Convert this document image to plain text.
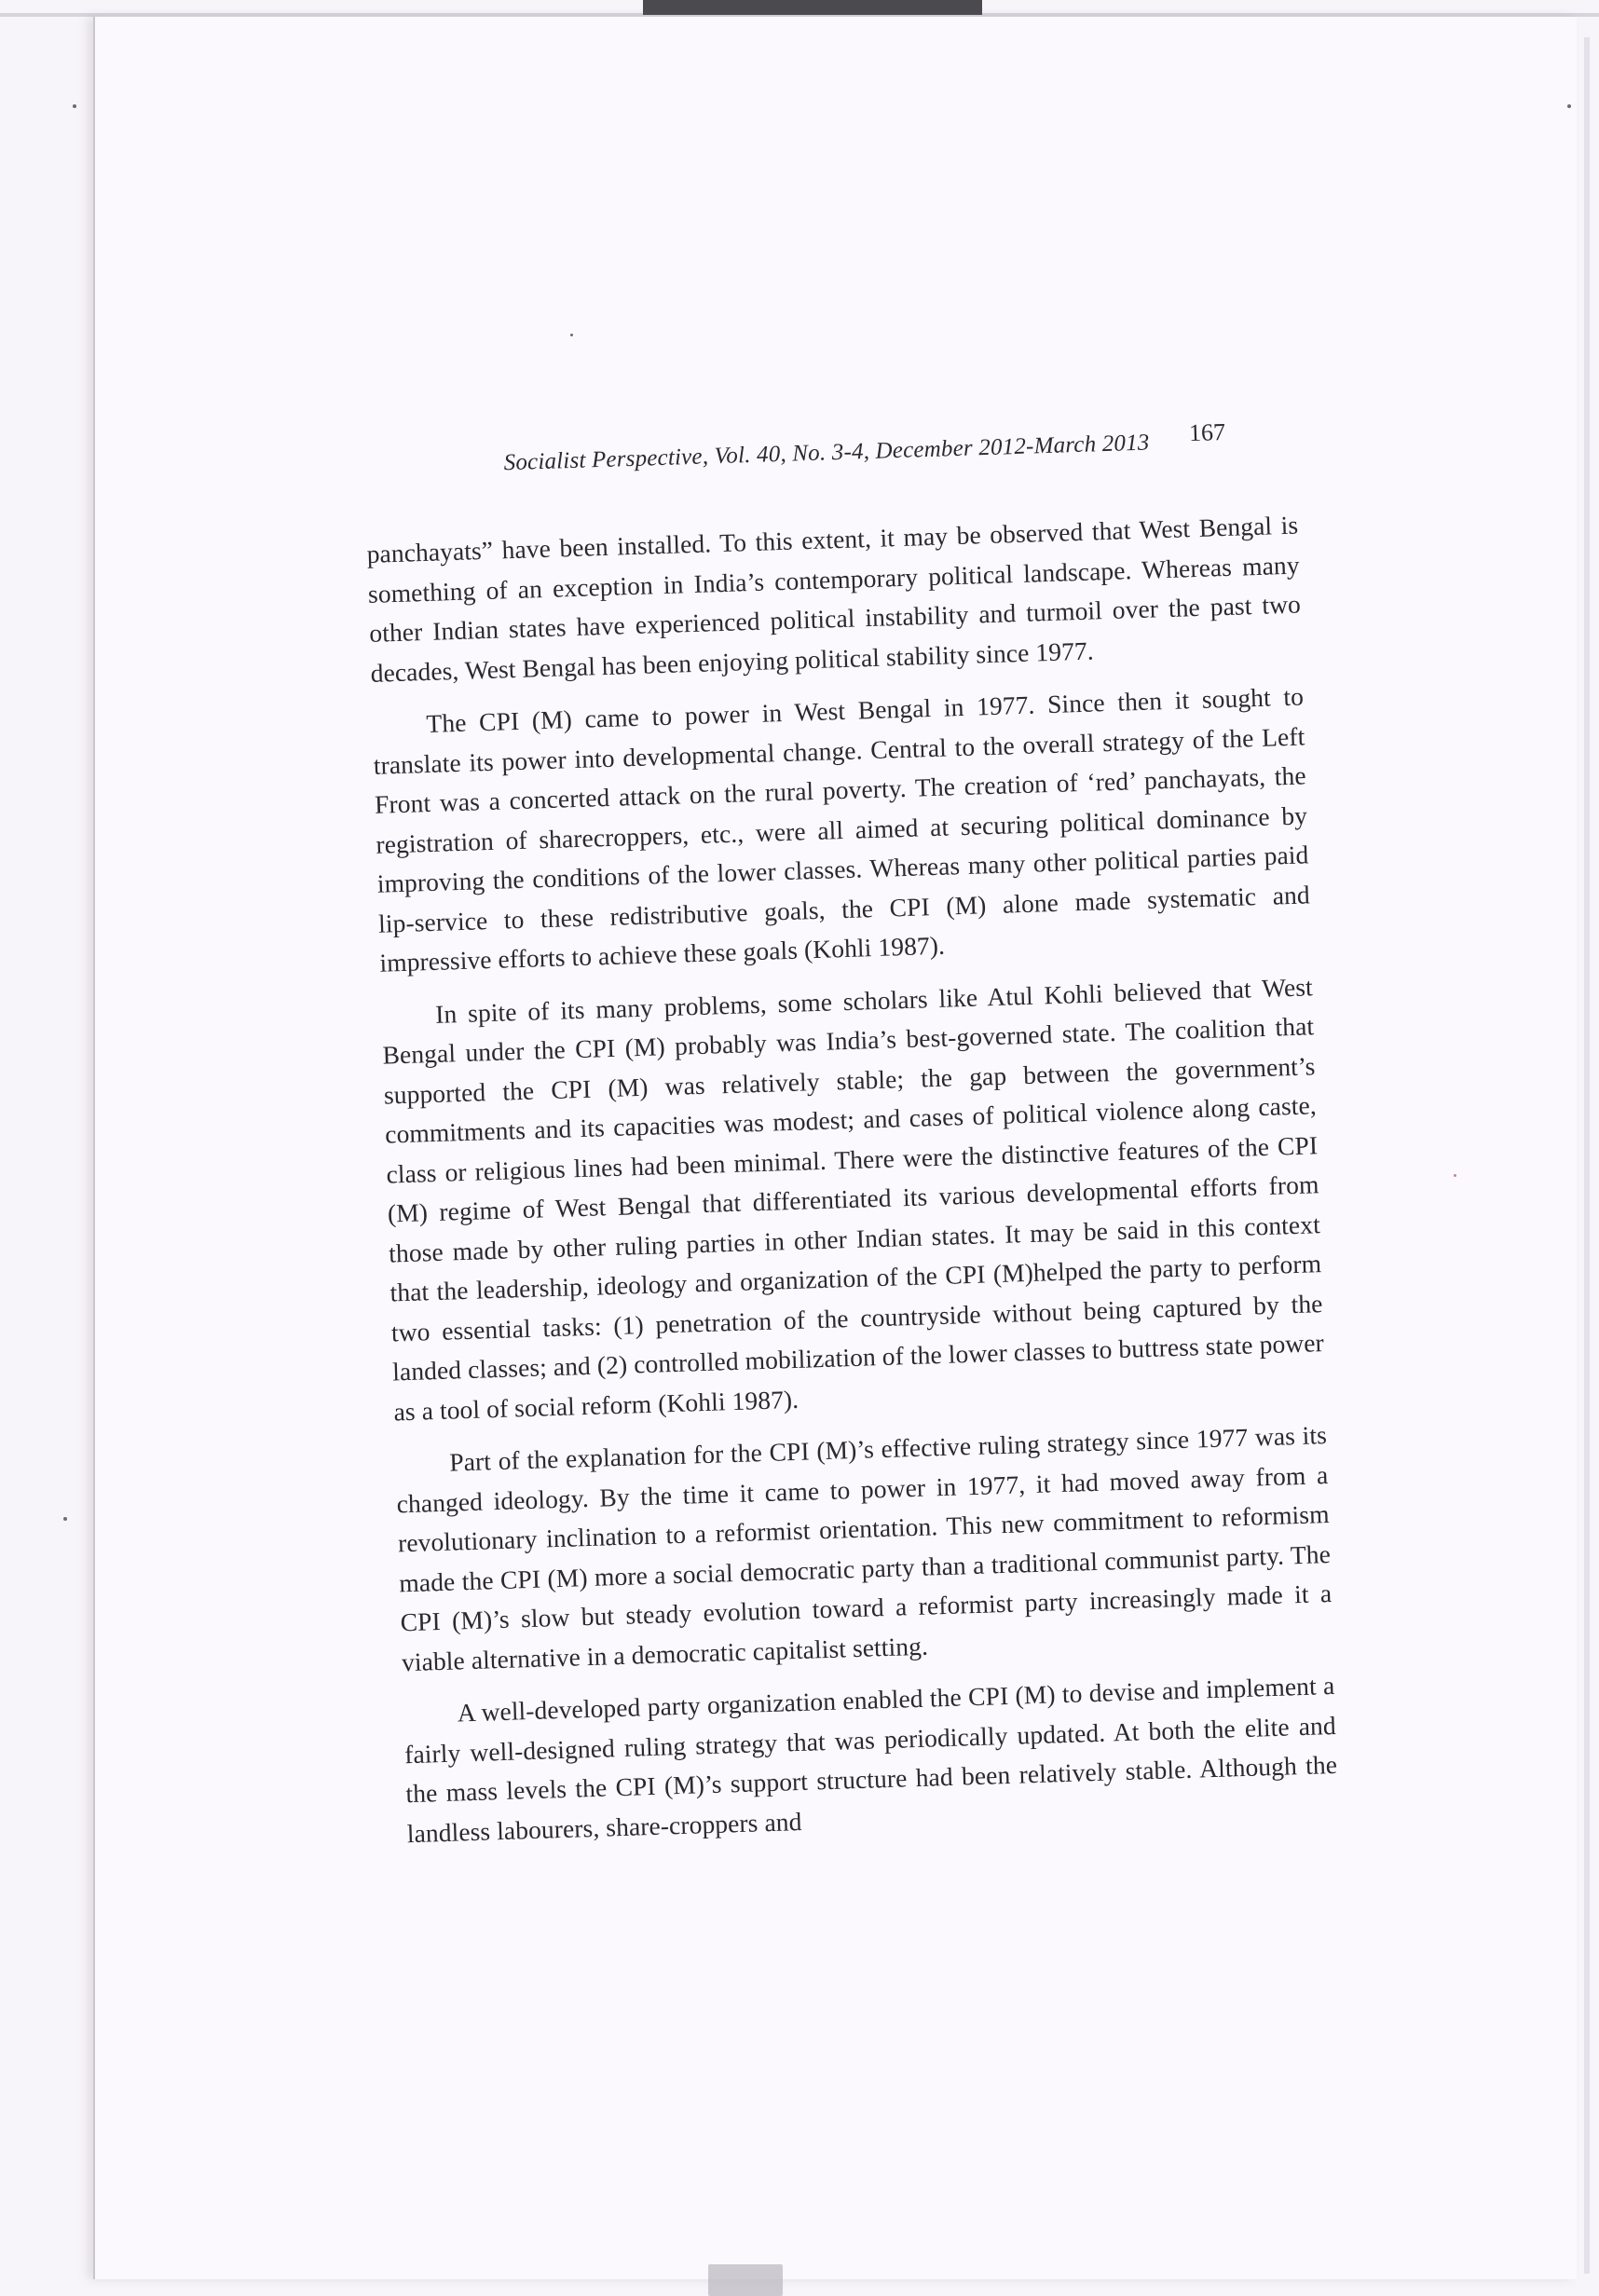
Socialist Perspective, Vol. 40, No. 3-4, December 2012-March 2013 167

panchayats” have been installed. To this extent, it may be observed that West Bengal is something of an exception in India’s contemporary political landscape. Whereas many other Indian states have experienced political instability and turmoil over the past two decades, West Bengal has been enjoying political stability since 1977.

The CPI (M) came to power in West Bengal in 1977. Since then it sought to translate its power into developmental change. Central to the overall strategy of the Left Front was a concerted attack on the rural poverty. The creation of ‘red’ panchayats, the registration of sharecroppers, etc., were all aimed at securing political dominance by improving the conditions of the lower classes. Whereas many other political parties paid lip-service to these redistributive goals, the CPI (M) alone made systematic and impressive efforts to achieve these goals (Kohli 1987).

In spite of its many problems, some scholars like Atul Kohli believed that West Bengal under the CPI (M) probably was India’s best-governed state. The coalition that supported the CPI (M) was relatively stable; the gap between the government’s commitments and its capacities was modest; and cases of political violence along caste, class or religious lines had been minimal. There were the distinctive features of the CPI (M) regime of West Bengal that differentiated its various developmental efforts from those made by other ruling parties in other Indian states. It may be said in this context that the leadership, ideology and organization of the CPI (M)helped the party to perform two essential tasks: (1) penetration of the countryside without being captured by the landed classes; and (2) controlled mobilization of the lower classes to buttress state power as a tool of social reform (Kohli 1987).

Part of the explanation for the CPI (M)’s effective ruling strategy since 1977 was its changed ideology. By the time it came to power in 1977, it had moved away from a revolutionary inclination to a reformist orientation. This new commitment to reformism made the CPI (M) more a social democratic party than a traditional communist party. The CPI (M)’s slow but steady evolution toward a reformist party increasingly made it a viable alternative in a democratic capitalist setting.

A well-developed party organization enabled the CPI (M) to devise and implement a fairly well-designed ruling strategy that was periodically updated. At both the elite and the mass levels the CPI (M)’s support structure had been relatively stable. Although the landless labourers, share-croppers and
